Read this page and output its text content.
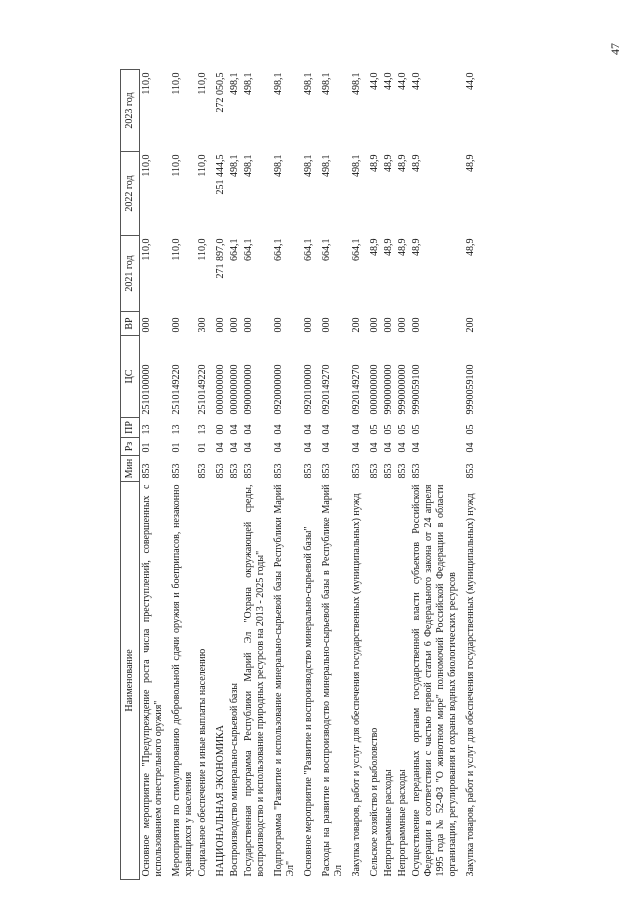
47
Наименование	Мин	Рз	ПР	ЦС	ВР	2021 год	2022 год	2023 год
Основное мероприятие "Предупреждение роста числа преступлений, совершенных с использованием огнестрельного оружия"	853	01	13	2510100000	000	110,0	110,0	110,0
Мероприятия по стимулированию добровольной сдачи оружия и боеприпасов, незаконно хранящихся у населения	853	01	13	2510149220	000	110,0	110,0	110,0
Социальное обеспечение и иные выплаты населению	853	01	13	2510149220	300	110,0	110,0	110,0
НАЦИОНАЛЬНАЯ ЭКОНОМИКА	853	04	00	0000000000	000	271 897,0	251 444,5	272 050,5
Воспроизводство минерально-сырьевой базы	853	04	04	0000000000	000	664,1	498,1	498,1
Государственная программа Республики Марий Эл "Охрана окружающей среды, воспроизводство и использование природных ресурсов на 2013 - 2025 годы"	853	04	04	0900000000	000	664,1	498,1	498,1
Подпрограмма "Развитие и использование минерально-сырьевой базы Республики Марий Эл"	853	04	04	0920000000	000	664,1	498,1	498,1
Основное мероприятие "Развитие и воспроизводство минерально-сырьевой базы"	853	04	04	0920100000	000	664,1	498,1	498,1
Расходы на развитие и воспроизводство минерально-сырьевой базы в Республике Марий Эл	853	04	04	0920149270	000	664,1	498,1	498,1
Закупка товаров, работ и услуг для обеспечения государственных (муниципальных) нужд	853	04	04	0920149270	200	664,1	498,1	498,1
Сельское хозяйство и рыболовство	853	04	05	0000000000	000	48,9	48,9	44,0
Непрограммные расходы	853	04	05	9900000000	000	48,9	48,9	44,0
Непрограммные расходы	853	04	05	9990000000	000	48,9	48,9	44,0
Осуществление переданных органам государственной власти субъектов Российской Федерации в соответствии с частью первой статьи 6 Федерального закона от 24 апреля 1995 года № 52-ФЗ "О животном мире" полномочий Российской Федерации в области организации, регулирования и охраны водных биологических ресурсов	853	04	05	9990059100	000	48,9	48,9	44,0
Закупка товаров, работ и услуг для обеспечения государственных (муниципальных) нужд	853	04	05	9990059100	200	48,9	48,9	44,0
